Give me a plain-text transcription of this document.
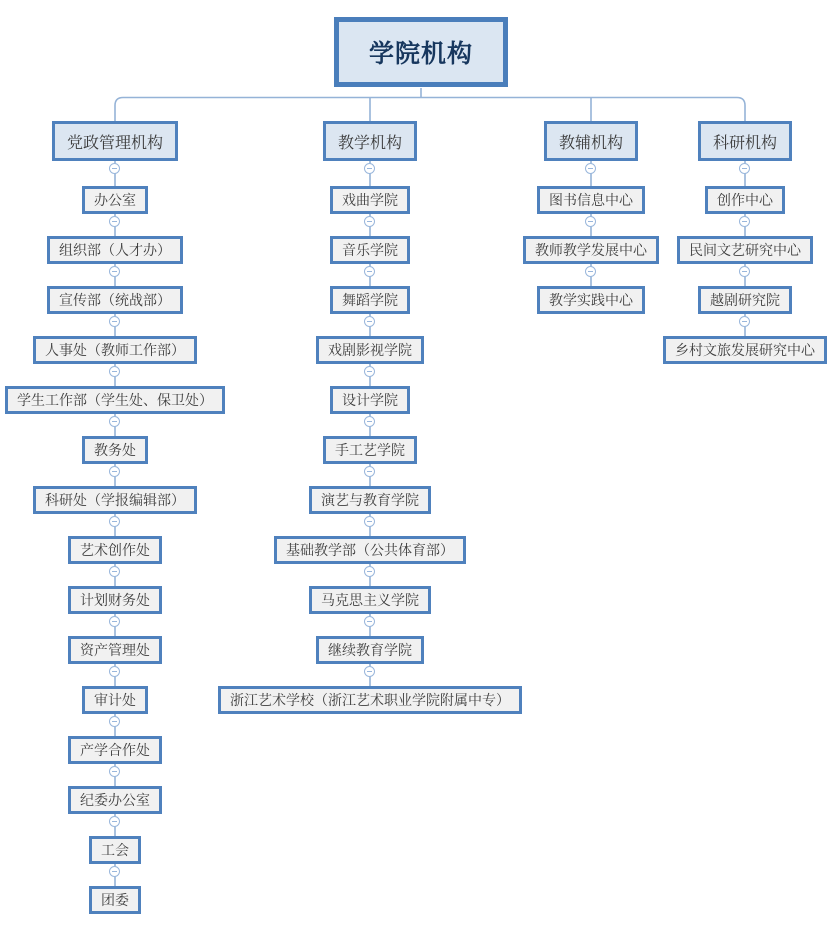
学院机构
党政管理机构	教学机构	教辅机构	科研机构
办公室
组织部（人才办）
宣传部（统战部）
人事处（教师工作部）
学生工作部（学生处、保卫处）
教务处
科研处（学报编辑部）
艺术创作处
计划财务处
资产管理处
审计处
产学合作处
纪委办公室
工会
团委
戏曲学院
音乐学院
舞蹈学院
戏剧影视学院
设计学院
手工艺学院
演艺与教育学院
基础教学部（公共体育部）
马克思主义学院
继续教育学院
浙江艺术学校（浙江艺术职业学院附属中专）
图书信息中心
教师教学发展中心
教学实践中心
创作中心
民间文艺研究中心
越剧研究院
乡村文旅发展研究中心
